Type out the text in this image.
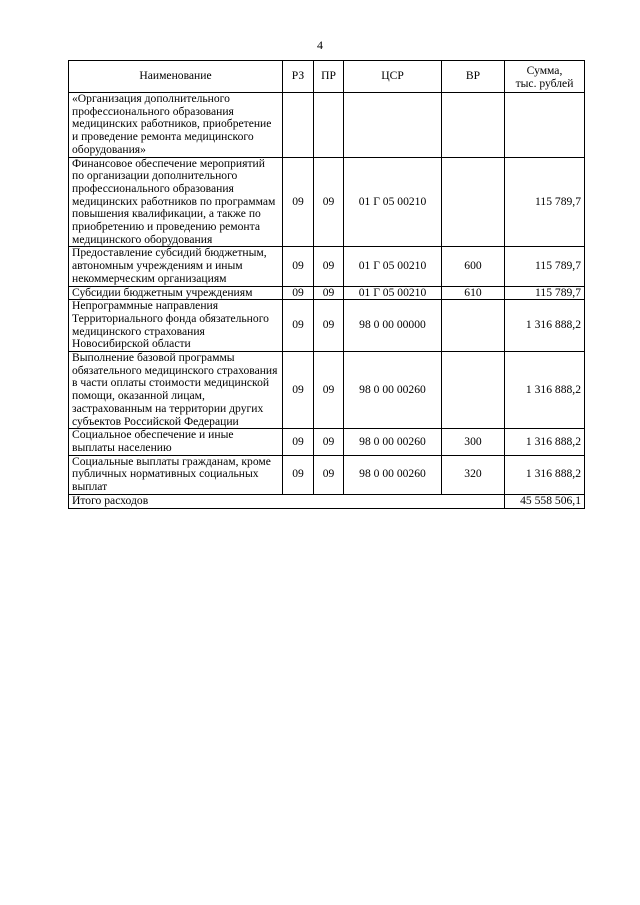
4
Наименование	РЗ	ПР	ЦСР	ВР	Сумма,
тыс. рублей
«Организация дополнительного профессионального образования медицинских работников, приобретение и проведение ремонта медицинского оборудования»					
Финансовое обеспечение мероприятий по организации дополнительного профессионального образования медицинских работников по программам повышения квалификации, а также по приобретению и проведению ремонта медицинского оборудования	09	09	01 Г 05 00210		115 789,7
Предоставление субсидий бюджетным, автономным учреждениям и иным некоммерческим организациям	09	09	01 Г 05 00210	600	115 789,7
Субсидии бюджетным учреждениям	09	09	01 Г 05 00210	610	115 789,7
Непрограммные направления Территориального фонда обязательного медицинского страхования Новосибирской области	09	09	98 0 00 00000		1 316 888,2
Выполнение базовой программы обязательного медицинского страхования в части оплаты стоимости медицинской помощи, оказанной лицам, застрахованным на территории других субъектов Российской Федерации	09	09	98 0 00 00260		1 316 888,2
Социальное обеспечение и иные выплаты населению	09	09	98 0 00 00260	300	1 316 888,2
Социальные выплаты гражданам, кроме публичных нормативных социальных выплат	09	09	98 0 00 00260	320	1 316 888,2
Итого расходов					45 558 506,1
